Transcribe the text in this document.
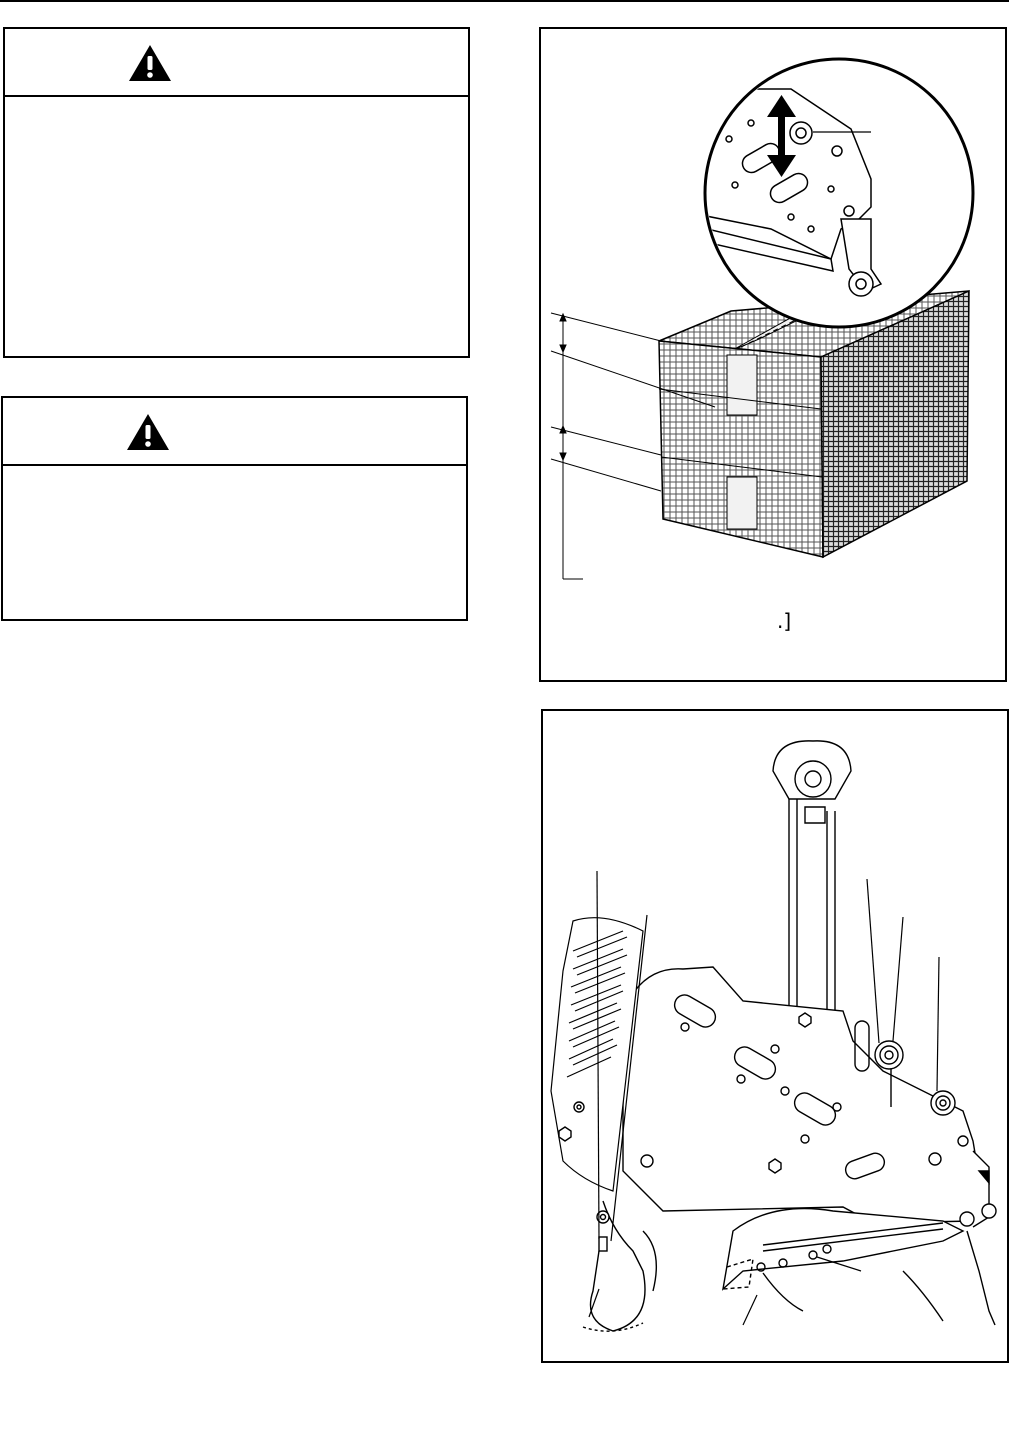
.]
